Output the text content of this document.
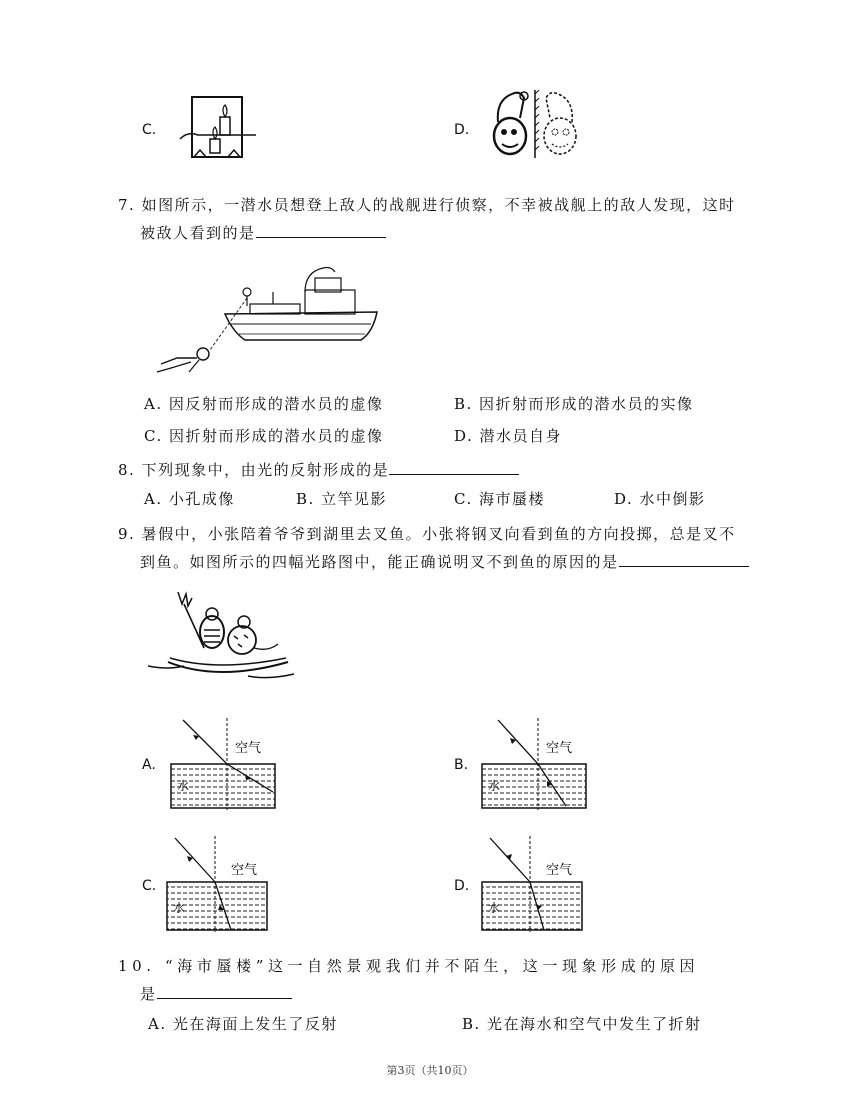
C.	D.
7. 如图所示，一潜水员想登上敌人的战舰进行侦察，不幸被战舰上的敌人发现，这时
被敌人看到的是
A. 因反射而形成的潜水员的虚像	B. 因折射而形成的潜水员的实像
C. 因折射而形成的潜水员的虚像	D. 潜水员自身
8. 下列现象中，由光的反射形成的是
A. 小孔成像	B. 立竿见影	C. 海市蜃楼	D. 水中倒影
9. 暑假中，小张陪着爷爷到湖里去叉鱼。小张将钢叉向看到鱼的方向投掷，总是叉不
到鱼。如图所示的四幅光路图中，能正确说明叉不到鱼的原因的是
A.
空气
水
B.
空气
水
C.
空气
水
D.
空气
水
10. “海市蜃楼”这一自然景观我们并不陌生，这一现象形成的原因
是
A. 光在海面上发生了反射	B. 光在海水和空气中发生了折射
第3页（共10页）
